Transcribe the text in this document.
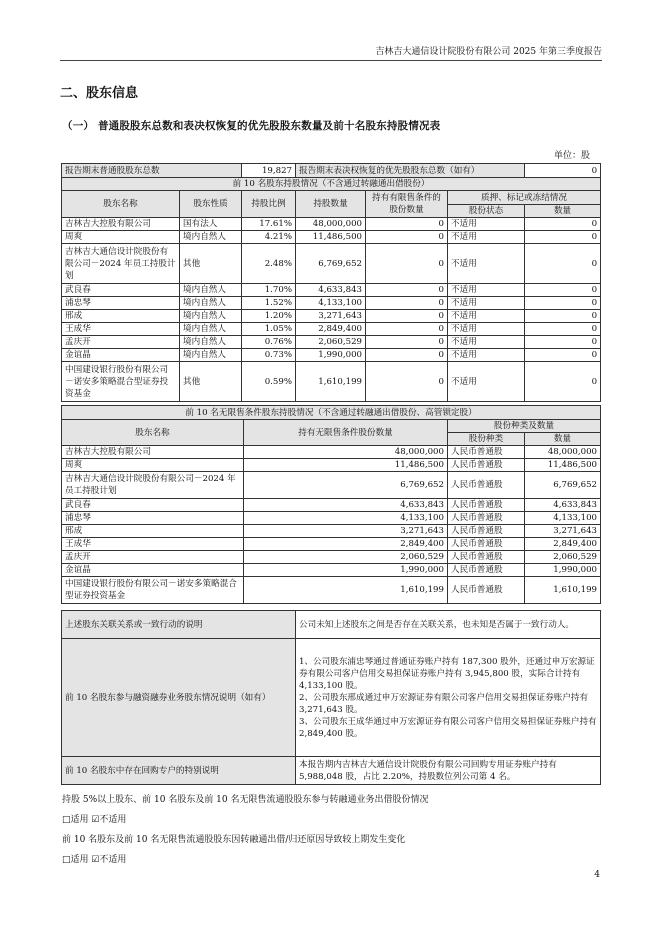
吉林吉大通信设计院股份有限公司 2025 年第三季度报告
二、股东信息
（一） 普通股股东总数和表决权恢复的优先股股东数量及前十名股东持股情况表
单位：股
报告期末普通股股东总数		19,827	报告期末表决权恢复的优先股股东总数（如有）			0
前 10 名股东持股情况（不含通过转融通出借股份）						
股东名称	股东性质	持股比例	持股数量	持有有限售条件的股份数量	质押、标记或冻结情况	
					股份状态	数量
吉林吉大控股有限公司	国有法人	17.61%	48,000,000	0	不适用	0
周爽	境内自然人	4.21%	11,486,500	0	不适用	0
吉林吉大通信设计院股份有限公司－2024 年员工持股计划	其他	2.48%	6,769,652	0	不适用	0
武良春	境内自然人	1.70%	4,633,843	0	不适用	0
浦忠琴	境内自然人	1.52%	4,133,100	0	不适用	0
邢成	境内自然人	1.20%	3,271,643	0	不适用	0
王成华	境内自然人	1.05%	2,849,400	0	不适用	0
孟庆开	境内自然人	0.76%	2,060,529	0	不适用	0
金谊晶	境内自然人	0.73%	1,990,000	0	不适用	0
中国建设银行股份有限公司－诺安多策略混合型证券投资基金	其他	0.59%	1,610,199	0	不适用	0
前 10 名无限售条件股东持股情况（不含通过转融通出借股份、高管锁定股）			
股东名称	持有无限售条件股份数量	股份种类及数量	
		股份种类	数量
吉林吉大控股有限公司	48,000,000	人民币普通股	48,000,000
周爽	11,486,500	人民币普通股	11,486,500
吉林吉大通信设计院股份有限公司－2024 年员工持股计划	6,769,652	人民币普通股	6,769,652
武良春	4,633,843	人民币普通股	4,633,843
浦忠琴	4,133,100	人民币普通股	4,133,100
邢成	3,271,643	人民币普通股	3,271,643
王成华	2,849,400	人民币普通股	2,849,400
孟庆开	2,060,529	人民币普通股	2,060,529
金谊晶	1,990,000	人民币普通股	1,990,000
中国建设银行股份有限公司－诺安多策略混合型证券投资基金	1,610,199	人民币普通股	1,610,199
上述股东关联关系或一致行动的说明	公司未知上述股东之间是否存在关联关系，也未知是否属于一致行动人。
前 10 名股东参与融资融券业务股东情况说明（如有）	1、公司股东浦忠琴通过普通证券账户持有 187,300 股外，还通过申万宏源证券有限公司客户信用交易担保证券账户持有 3,945,800 股，实际合计持有 4,133,100 股。
2、公司股东邢成通过申万宏源证券有限公司客户信用交易担保证券账户持有 3,271,643 股。
3、公司股东王成华通过申万宏源证券有限公司客户信用交易担保证券账户持有 2,849,400 股。

前 10 名股东中存在回购专户的特别说明	本报告期内吉林吉大通信设计院股份有限公司回购专用证券账户持有 5,988,048 股，占比 2.20%，持股数位列公司第 4 名。
持股 5%以上股东、前 10 名股东及前 10 名无限售流通股股东参与转融通业务出借股份情况
□适用 ☑不适用
前 10 名股东及前 10 名无限售流通股股东因转融通出借/归还原因导致较上期发生变化
□适用 ☑不适用
4
